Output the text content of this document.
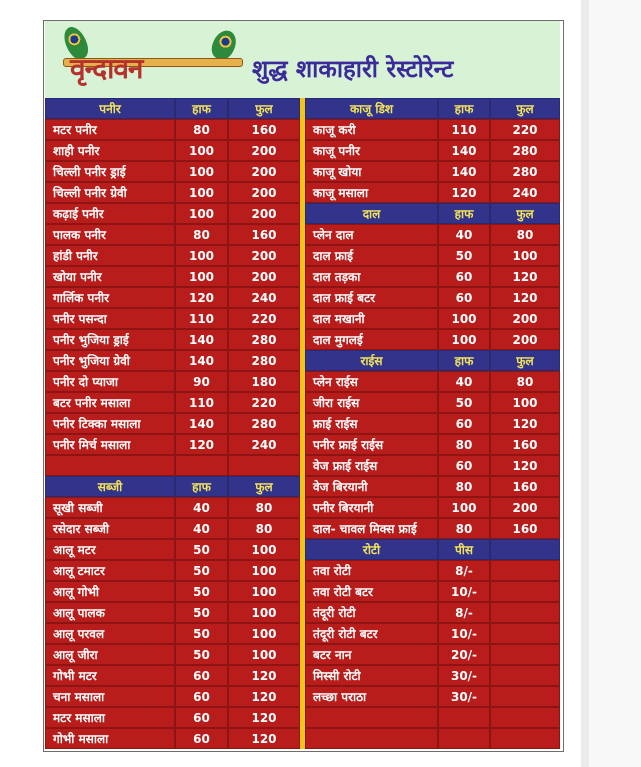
वृन्दावन	शुद्ध शाकाहारी रेस्टोरेन्ट
पनीर	हाफ	फुल
मटर पनीर	80	160
शाही पनीर	100	200
चिल्ली पनीर ड्राई	100	200
चिल्ली पनीर ग्रेवी	100	200
कढ़ाई पनीर	100	200
पालक पनीर	80	160
हांडी पनीर	100	200
खोया पनीर	100	200
गार्लिक पनीर	120	240
पनीर पसन्दा	110	220
पनीर भुजिया ड्राई	140	280
पनीर भुजिया ग्रेवी	140	280
पनीर दो प्याजा	90	180
बटर पनीर मसाला	110	220
पनीर टिक्का मसाला	140	280
पनीर मिर्च मसाला	120	240
सब्जी	हाफ	फुल
सूखी सब्जी	40	80
रसेदार सब्जी	40	80
आलू मटर	50	100
आलू टमाटर	50	100
आलू गोभी	50	100
आलू पालक	50	100
आलू परवल	50	100
आलू जीरा	50	100
गोभी मटर	60	120
चना मसाला	60	120
मटर मसाला	60	120
गोभी मसाला	60	120
काजू डिश	हाफ	फुल
काजू करी	110	220
काजू पनीर	140	280
काजू खोया	140	280
काजू मसाला	120	240
दाल	हाफ	फुल
प्लेन दाल	40	80
दाल फ्राई	50	100
दाल तड़का	60	120
दाल फ्राई बटर	60	120
दाल मखानी	100	200
दाल मुगलई	100	200
राईस	हाफ	फुल
प्लेन राईस	40	80
जीरा राईस	50	100
फ्राई राईस	60	120
पनीर फ्राई राईस	80	160
वेज फ्राई राईस	60	120
वेज बिरयानी	80	160
पनीर बिरयानी	100	200
दाल- चावल मिक्स फ्राई	80	160
रोटी	पीस
तवा रोटी	8/-
तवा रोटी बटर	10/-
तंदूरी रोटी	8/-
तंदूरी रोटी बटर	10/-
बटर नान	20/-
मिस्सी रोटी	30/-
लच्छा पराठा	30/-
